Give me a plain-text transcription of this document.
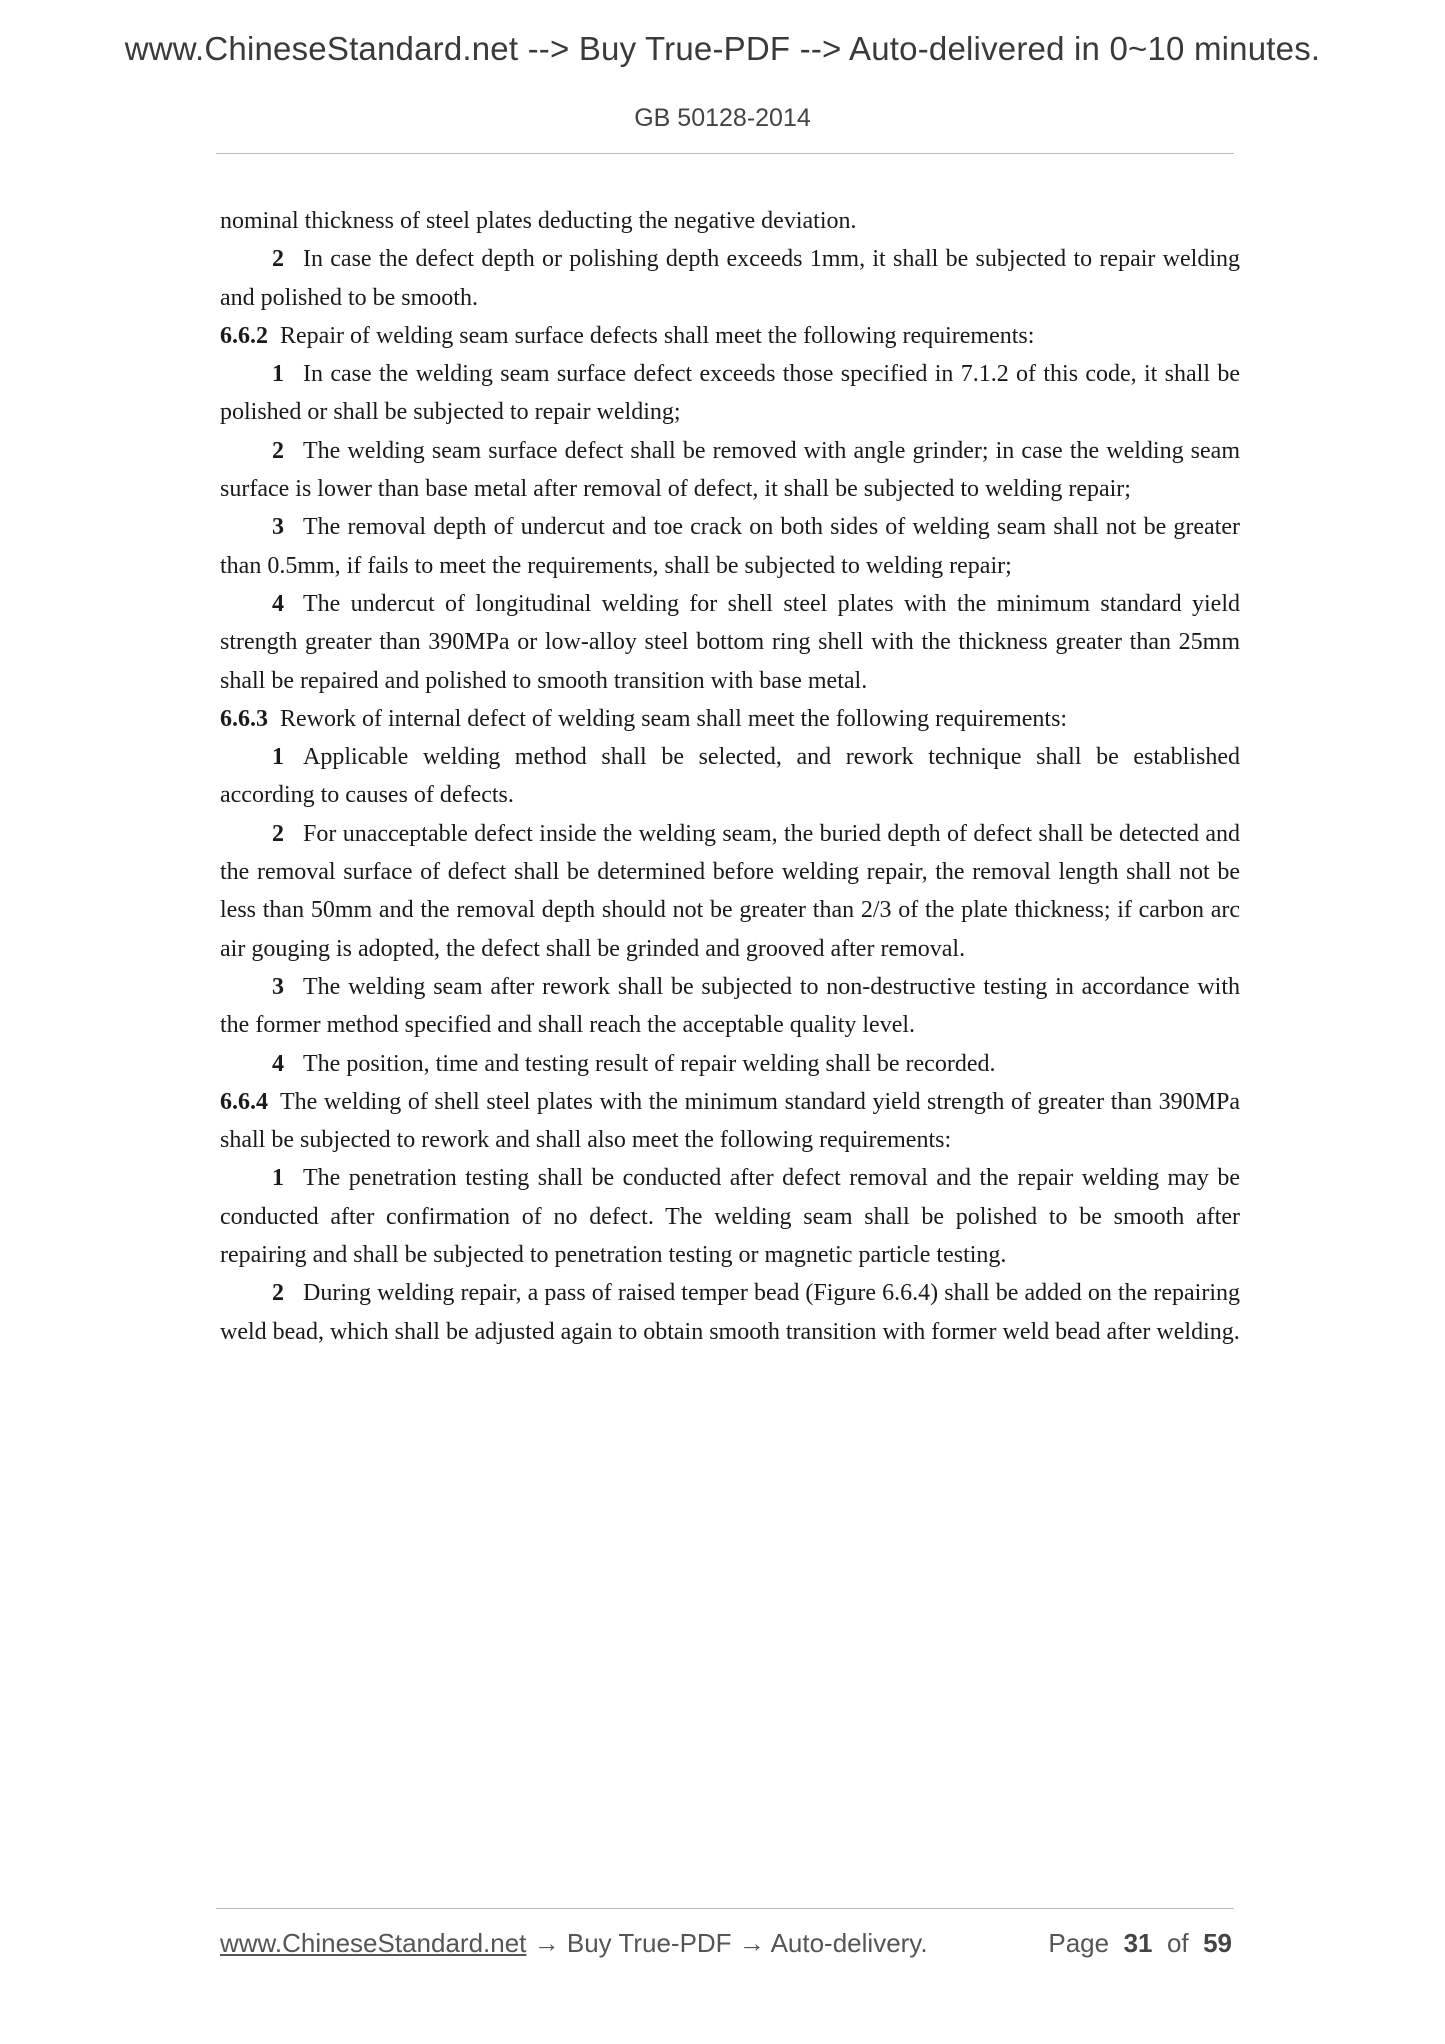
www.ChineseStandard.net --> Buy True-PDF --> Auto-delivered in 0~10 minutes.
GB 50128-2014

nominal thickness of steel plates deducting the negative deviation.

2 In case the defect depth or polishing depth exceeds 1mm, it shall be subjected to repair welding and polished to be smooth.

6.6.2 Repair of welding seam surface defects shall meet the following requirements:

1 In case the welding seam surface defect exceeds those specified in 7.1.2 of this code, it shall be polished or shall be subjected to repair welding;

2 The welding seam surface defect shall be removed with angle grinder; in case the welding seam surface is lower than base metal after removal of defect, it shall be subjected to welding repair;

3 The removal depth of undercut and toe crack on both sides of welding seam shall not be greater than 0.5mm, if fails to meet the requirements, shall be subjected to welding repair;

4 The undercut of longitudinal welding for shell steel plates with the minimum standard yield strength greater than 390MPa or low-alloy steel bottom ring shell with the thickness greater than 25mm shall be repaired and polished to smooth transition with base metal.

6.6.3 Rework of internal defect of welding seam shall meet the following requirements:

1 Applicable welding method shall be selected, and rework technique shall be established according to causes of defects.

2 For unacceptable defect inside the welding seam, the buried depth of defect shall be detected and the removal surface of defect shall be determined before welding repair, the removal length shall not be less than 50mm and the removal depth should not be greater than 2/3 of the plate thickness; if carbon arc air gouging is adopted, the defect shall be grinded and grooved after removal.

3 The welding seam after rework shall be subjected to non-destructive testing in accordance with the former method specified and shall reach the acceptable quality level.

4 The position, time and testing result of repair welding shall be recorded.

6.6.4 The welding of shell steel plates with the minimum standard yield strength of greater than 390MPa shall be subjected to rework and shall also meet the following requirements:

1 The penetration testing shall be conducted after defect removal and the repair welding may be conducted after confirmation of no defect. The welding seam shall be polished to be smooth after repairing and shall be subjected to penetration testing or magnetic particle testing.

2 During welding repair, a pass of raised temper bead (Figure 6.6.4) shall be added on the repairing weld bead, which shall be adjusted again to obtain smooth transition with former weld bead after welding.

www.ChineseStandard.net → Buy True-PDF → Auto-delivery.	Page 31 of 59
